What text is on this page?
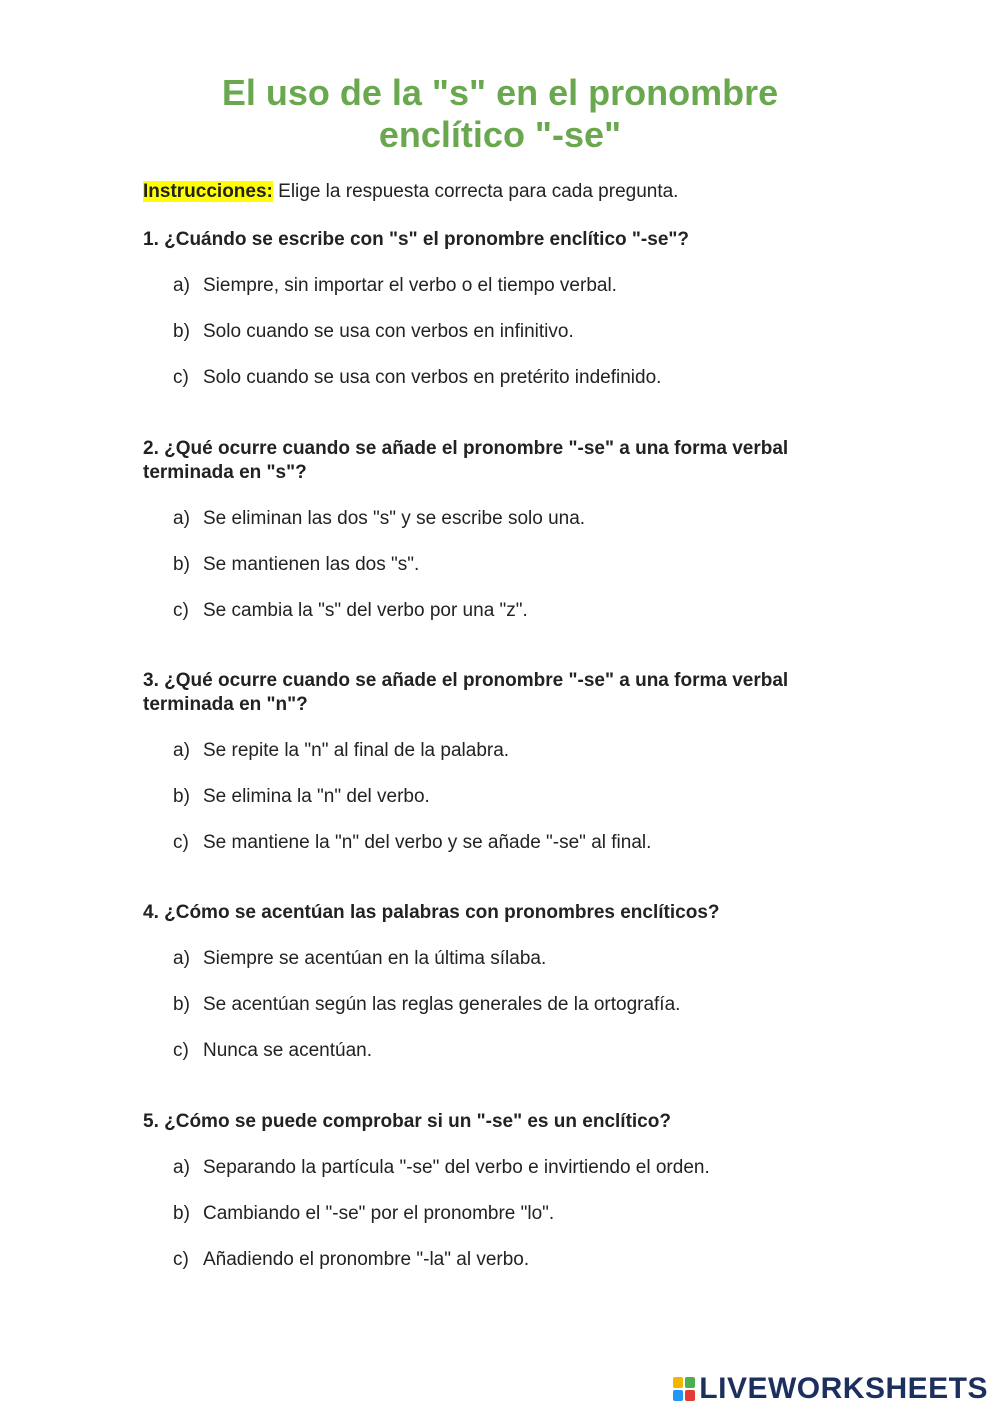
El uso de la "s" en el pronombre
enclítico "-se"
Instrucciones: Elige la respuesta correcta para cada pregunta.

1. ¿Cuándo se escribe con "s" el pronombre enclítico "-se"?

a) Siempre, sin importar el verbo o el tiempo verbal.
b) Solo cuando se usa con verbos en infinitivo.
c) Solo cuando se usa con verbos en pretérito indefinido.

2. ¿Qué ocurre cuando se añade el pronombre "-se" a una forma verbal terminada en "s"?

a) Se eliminan las dos "s" y se escribe solo una.
b) Se mantienen las dos "s".
c) Se cambia la "s" del verbo por una "z".

3. ¿Qué ocurre cuando se añade el pronombre "-se" a una forma verbal terminada en "n"?

a) Se repite la "n" al final de la palabra.
b) Se elimina la "n" del verbo.
c) Se mantiene la "n" del verbo y se añade "-se" al final.

4. ¿Cómo se acentúan las palabras con pronombres enclíticos?

a) Siempre se acentúan en la última sílaba.
b) Se acentúan según las reglas generales de la ortografía.
c) Nunca se acentúan.

5. ¿Cómo se puede comprobar si un "-se" es un enclítico?

a) Separando la partícula "-se" del verbo e invirtiendo el orden.
b) Cambiando el "-se" por el pronombre "lo".
c) Añadiendo el pronombre "-la" al verbo.
LIVEWORKSHEETS
